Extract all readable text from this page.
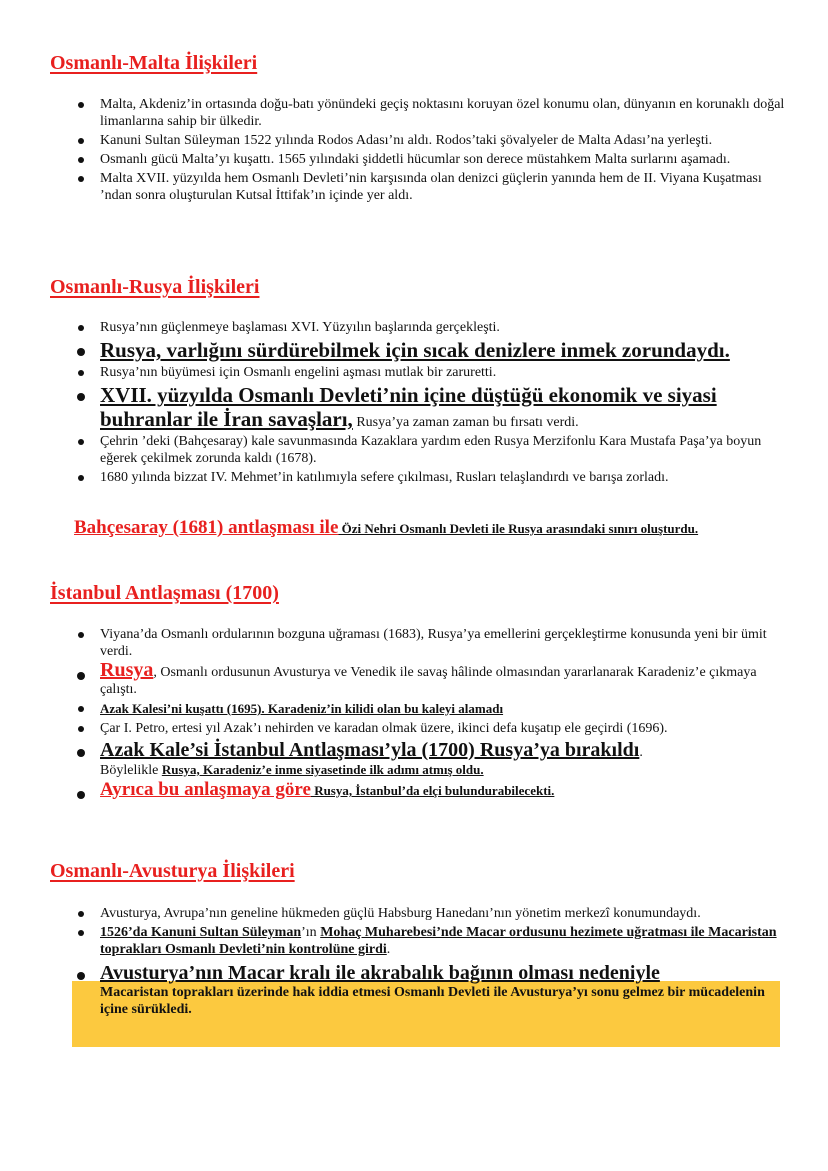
Osmanlı-Malta İlişkileri
Malta, Akdeniz’in ortasında doğu-batı yönündeki geçiş noktasını koruyan özel konumu olan, dünyanın en korunaklı doğal limanlarına sahip bir ülkedir.
Kanuni Sultan Süleyman 1522 yılında Rodos Adası’nı aldı. Rodos’taki şövalyeler de Malta Adası’na yerleşti.
Osmanlı gücü Malta’yı kuşattı. 1565 yılındaki şiddetli hücumlar son derece müstahkem Malta surlarını aşamadı.
Malta XVII. yüzyılda hem Osmanlı Devleti’nin karşısında olan denizci güçlerin yanında hem de II. Viyana Kuşatması ’ndan sonra oluşturulan Kutsal İttifak’ın içinde yer aldı.
Osmanlı-Rusya İlişkileri
Rusya’nın güçlenmeye başlaması XVI. Yüzyılın başlarında gerçekleşti.
Rusya, varlığını sürdürebilmek için sıcak denizlere inmek zorundaydı.
Rusya’nın büyümesi için Osmanlı engelini aşması mutlak bir zaruretti.
XVII. yüzyılda Osmanlı Devleti’nin içine düştüğü ekonomik ve siyasi buhranlar ile İran savaşları, Rusya’ya zaman zaman bu fırsatı verdi.
Çehrin ’deki (Bahçesaray) kale savunmasında Kazaklara yardım eden Rusya Merzifonlu Kara Mustafa Paşa’ya boyun eğerek çekilmek zorunda kaldı (1678).
1680 yılında bizzat IV. Mehmet’in katılımıyla sefere çıkılması, Rusları telaşlandırdı ve barışa zorladı.
Bahçesaray (1681) antlaşması ile Özi Nehri Osmanlı Devleti ile Rusya arasındaki sınırı oluşturdu.
İstanbul Antlaşması (1700)
Viyana’da Osmanlı ordularının bozguna uğraması (1683), Rusya’ya emellerini gerçekleştirme konusunda yeni bir ümit verdi.
Rusya, Osmanlı ordusunun Avusturya ve Venedik ile savaş hâlinde olmasından yararlanarak Karadeniz’e çıkmaya çalıştı.
Azak Kalesi’ni kuşattı (1695). Karadeniz’in kilidi olan bu kaleyi alamadı
Çar I. Petro, ertesi yıl Azak’ı nehirden ve karadan olmak üzere, ikinci defa kuşatıp ele geçirdi (1696).
Azak Kale’si İstanbul Antlaşması’yla (1700) Rusya’ya bırakıldı.
Böylelikle Rusya, Karadeniz’e inme siyasetinde ilk adımı atmış oldu.
Ayrıca bu anlaşmaya göre Rusya, İstanbul’da elçi bulundurabilecekti.
Osmanlı-Avusturya İlişkileri
Avusturya, Avrupa’nın geneline hükmeden güçlü Habsburg Hanedanı’nın yönetim merkezî konumundaydı.
1526’da Kanuni Sultan Süleyman’ın Mohaç Muharebesi’nde Macar ordusunu hezimete uğratması ile Macaristan toprakları Osmanlı Devleti’nin kontrolüne girdi.
Avusturya’nın Macar kralı ile akrabalık bağının olması nedeniyle
Macaristan toprakları üzerinde hak iddia etmesi Osmanlı Devleti ile Avusturya’yı sonu gelmez bir mücadelenin içine sürükledi.
